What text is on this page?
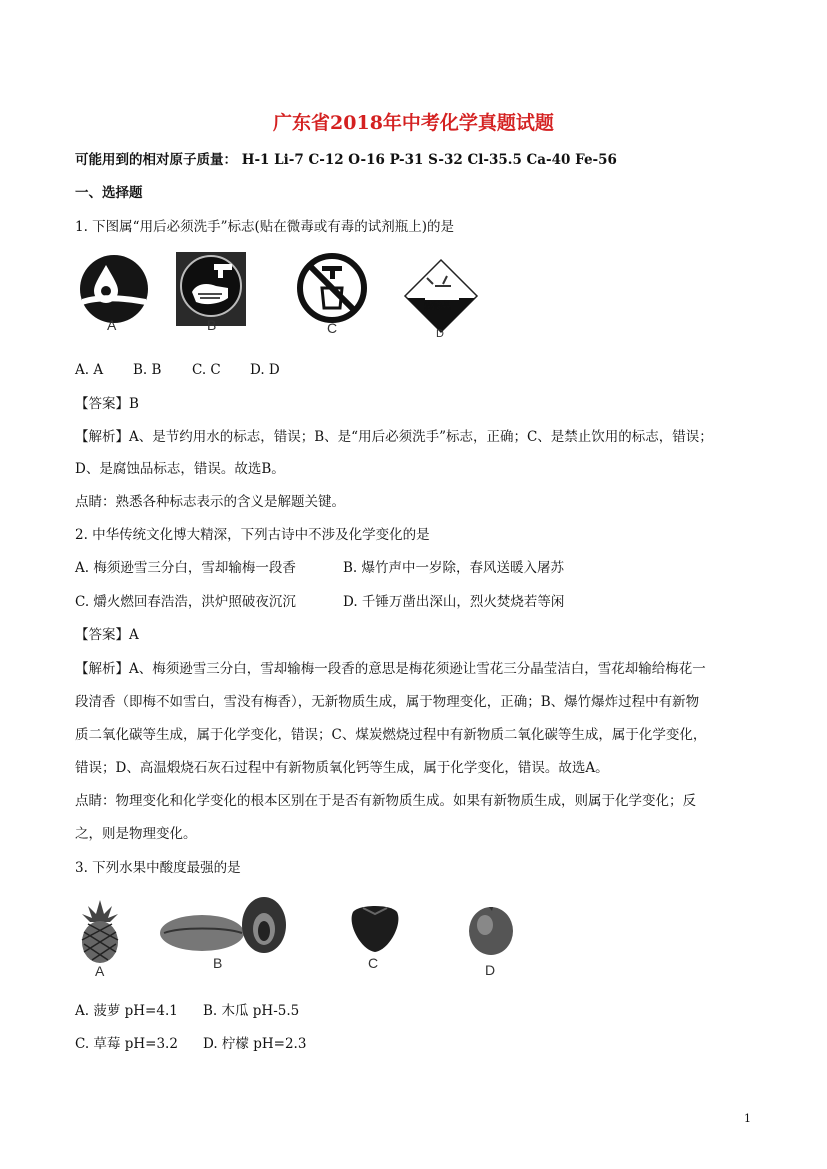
广东省2018年中考化学真题试题
可能用到的相对原子质量： H-1 Li-7 C-12 O-16 P-31 S-32 Cl-35.5 Ca-40 Fe-56
一、选择题
1. 下图属“用后必须洗手”标志(贴在微毒或有毒的试剂瓶上)的是
A	B	C
腐蚀品
D
A. A B. B C. C D. D
【答案】B
【解析】A、是节约用水的标志，错误；B、是“用后必须洗手”标志，正确；C、是禁止饮用的标志，错误；
D、是腐蚀品标志，错误。故选B。
点睛：熟悉各种标志表示的含义是解题关键。
2. 中华传统文化博大精深，下列古诗中不涉及化学变化的是
A. 梅须逊雪三分白，雪却输梅一段香	B. 爆竹声中一岁除，春风送暖入屠苏
C. 爝火燃回春浩浩，洪炉照破夜沉沉	D. 千锤万凿出深山，烈火焚烧若等闲
【答案】A
【解析】A、梅须逊雪三分白，雪却输梅一段香的意思是梅花须逊让雪花三分晶莹洁白，雪花却输给梅花一
段清香（即梅不如雪白，雪没有梅香），无新物质生成，属于物理变化，正确；B、爆竹爆炸过程中有新物
质二氧化碳等生成，属于化学变化，错误；C、煤炭燃烧过程中有新物质二氧化碳等生成，属于化学变化，
错误；D、高温煅烧石灰石过程中有新物质氧化钙等生成，属于化学变化，错误。故选A。
点睛：物理变化和化学变化的根本区别在于是否有新物质生成。如果有新物质生成，则属于化学变化；反
之，则是物理变化。
3. 下列水果中酸度最强的是
A	B	C	D
A. 菠萝 pH=4.1 B. 木瓜 pH-5.5
C. 草莓 pH=3.2 D. 柠檬 pH=2.3
1
